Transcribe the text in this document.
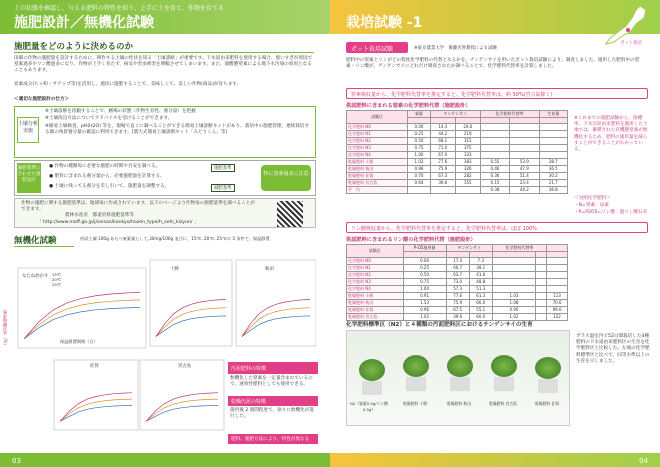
土の状態を確認し、与える肥料の特性を知り、上手に土を育て、作物を育てる
施肥設計／無機化試験
施肥量をどのように決めるのか
田畑の作物の施肥量を設計するために、耕作する土壌の性状を知る「土壌診断」が重要です。下水道由来肥料を使用する場合、使いすぎが原因で窒素過多やリン酸過多になり、作物が上手く育たず、病気や害虫被害を増幅させてしまいます。また、硝酸態窒素による地下水汚染の原因となることもあります。
炭素成分(ちゃ粉・サテップ等)を活用し、適切に施肥することで、美味しくて、美しい作物(商品)が育ちます。
＜適切な施肥設計の仕方＞
土壌分析 実施
※土壌診断を依頼することで、圃場の状態（作物生育性、養分量）を把握
※土壌改良方法についてアドバイスを受けることができます。
※簡易土壌検査、pH(H2O) 等を、現場で直ぐに調べることができる簡易土壌診断キットがあり、栽培中の施肥管理、連続栽培する畑の残留養分量の確認に利用できます。[農大式簡易土壌診断キット「みどりくん」等]
施肥基準に合わせた施肥設計
● 作物の種類毎に必要な施肥の時期や目安を調べる。	施肥基準
● 肥料に含まれる養分量から、必要施肥量を計算する。
● 土壌に残ってる養分を差し引いて、施肥量を調整する。	減肥基準
特に窒素過多に注意
作物の施肥に関する施肥基準は、地域毎に作成されています。以下のページより作物毎の施肥基準を調べることができます。
農林水産省　都道府県施肥基準等
「 http://www.maff.go.jp/j/seisan/kankyo/hozen_type/h_sehi_kizyun/ 」
無機化試験	供試土壌 100g あたり窒素量として,30mg/100g 並びに、15℃, 20℃, 25℃の 3 条件で、保温静置
なたね油かす
十勝	秋田
佐賀	宮古島
保温静置期間（日）
窒素無機化率（%）
15℃
20℃
25℃
汚泥肥料の特徴
無機化した窒素を一定量含まれているので、速効性肥料としても使用できる。
乾燥汚泥の特徴
施用後 2 週間程度で、徐々に無機化が進行した。
肥料、施肥方法により、特性が異なる
03
栽培試験 -1
ポット栽培
ポット栽培試験	※東京農業大学　後藤名誉教授による試験
肥料中の窒素とリンがどの程度化学肥料の代替となるかを、チンゲンサイを用いたポット栽培試験により、調査しました。施用した肥料中の窒素・リン酸が、チンゲンサイにどれだけ吸収されたか調べることで、化学肥料代替率を計算しました。
窒素吸収量から、化学肥料代替率を推定すると、化学肥料代替率は、約 50%(宮古島除く)
供試肥料に含まれる窒素の化学肥料代替（施肥設計）
試験区	窒素	チンゲンサイ		化学肥料代替率		生育量

化学肥料 N0	0.00	14.3	24.0			
化学肥料 N1	0.25	44.2	219			
化学肥料 N2	0.50	68.1	315			
化学肥料 N3	0.75	71.0	375			
化学肥料 N4	1.00	67.0	333			
乾燥肥料 十勝	1.02	77.6	383	0.55	53.9	38.7
乾燥肥料 秋田	0.96	75.9	326	0.46	47.9	36.5
乾燥肥料 佐賀	0.70	67.3	282	0.36	51.4	30.2
乾燥肥料 宮古島	0.64	39.6	155	0.15	23.4	21.7
平　均				0.38	44.2	36.8
※これまでの施肥試験から、接種率、下水汚泥由来肥料を施用した土地では、蓄積された有機態窒素が無機化するため、肥料の施用量を減らすことができることがわかっている。
＜対照化学肥料＞
・N=窒素：尿素
・P=P2O5=リン酸：過リン酸石灰
リン酸吸収量から、化学肥料代替率を推定すると、化学肥料代替率は、ほぼ 100%
供試肥料に含まれるリン酸の化学肥料代替（施肥設計）
試験区	P-O5施用量	チンゲンサイ		化学肥料代替率		

化学肥料 N0	0.00	17.4	7.3			
化学肥料 N1	0.25	60.7	38.1			
化学肥料 N2	0.50	63.7	41.6			
化学肥料 N3	0.75	73.0	48.8			
化学肥料 N4	1.00	57.3	51.3			
乾燥肥料 十勝	0.91	77.6	61.3	1.03		113
乾燥肥料 秋田	1.53	75.9	66.0	1.08		70.6
乾燥肥料 佐賀	0.96	67.5	55.1	0.95		99.0
乾燥肥料 宮古島	1.02	39.6	60.0	1.02		122
化学肥料標準区（N2）と４種類の汚泥肥料区におけるチンゲンサイの生育
N2（窒素0.5g/リン酸0.5g）
乾燥肥料 十勝	乾燥肥料 秋田	乾燥肥料 宮古島	乾燥肥料 佐賀
ガラス温室内で52日間栽培した4種肥料の下水道由来肥料区の生育を化学肥料区と比較した。左端の化学肥料標準区と比べて、同等水準以上の生育を示しました。
04
